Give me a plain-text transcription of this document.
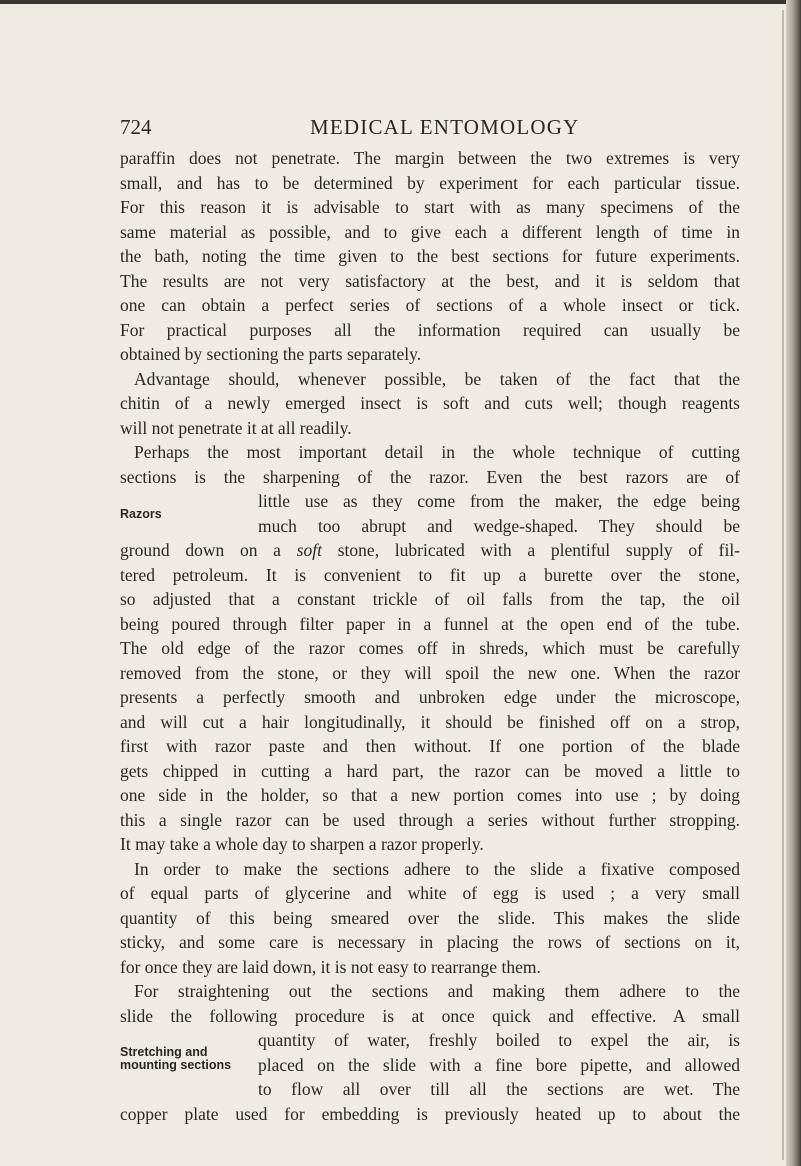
724	MEDICAL ENTOMOLOGY
paraffin does not penetrate. The margin between the two extremes is very
small, and has to be determined by experiment for each particular tissue.
For this reason it is advisable to start with as many specimens of the
same material as possible, and to give each a different length of time in
the bath, noting the time given to the best sections for future experiments.
The results are not very satisfactory at the best, and it is seldom that
one can obtain a perfect series of sections of a whole insect or tick.
For practical purposes all the information required can usually be
obtained by sectioning the parts separately.
Advantage should, whenever possible, be taken of the fact that the
chitin of a newly emerged insect is soft and cuts well; though reagents
will not penetrate it at all readily.
Perhaps the most important detail in the whole technique of cutting
sections is the sharpening of the razor. Even the best razors are of
Razors
little use as they come from the maker, the edge being
much too abrupt and wedge-shaped. They should be
ground down on a soft stone, lubricated with a plentiful supply of fil-
tered petroleum. It is convenient to fit up a burette over the stone,
so adjusted that a constant trickle of oil falls from the tap, the oil
being poured through filter paper in a funnel at the open end of the tube.
The old edge of the razor comes off in shreds, which must be carefully
removed from the stone, or they will spoil the new one. When the razor
presents a perfectly smooth and unbroken edge under the microscope,
and will cut a hair longitudinally, it should be finished off on a strop,
first with razor paste and then without. If one portion of the blade
gets chipped in cutting a hard part, the razor can be moved a little to
one side in the holder, so that a new portion comes into use ; by doing
this a single razor can be used through a series without further stropping.
It may take a whole day to sharpen a razor properly.
In order to make the sections adhere to the slide a fixative composed
of equal parts of glycerine and white of egg is used ; a very small
quantity of this being smeared over the slide. This makes the slide
sticky, and some care is necessary in placing the rows of sections on it,
for once they are laid down, it is not easy to rearrange them.
For straightening out the sections and making them adhere to the
slide the following procedure is at once quick and effective. A small
Stretching and
mounting sections
quantity of water, freshly boiled to expel the air, is
placed on the slide with a fine bore pipette, and allowed
to flow all over till all the sections are wet. The
copper plate used for embedding is previously heated up to about the
